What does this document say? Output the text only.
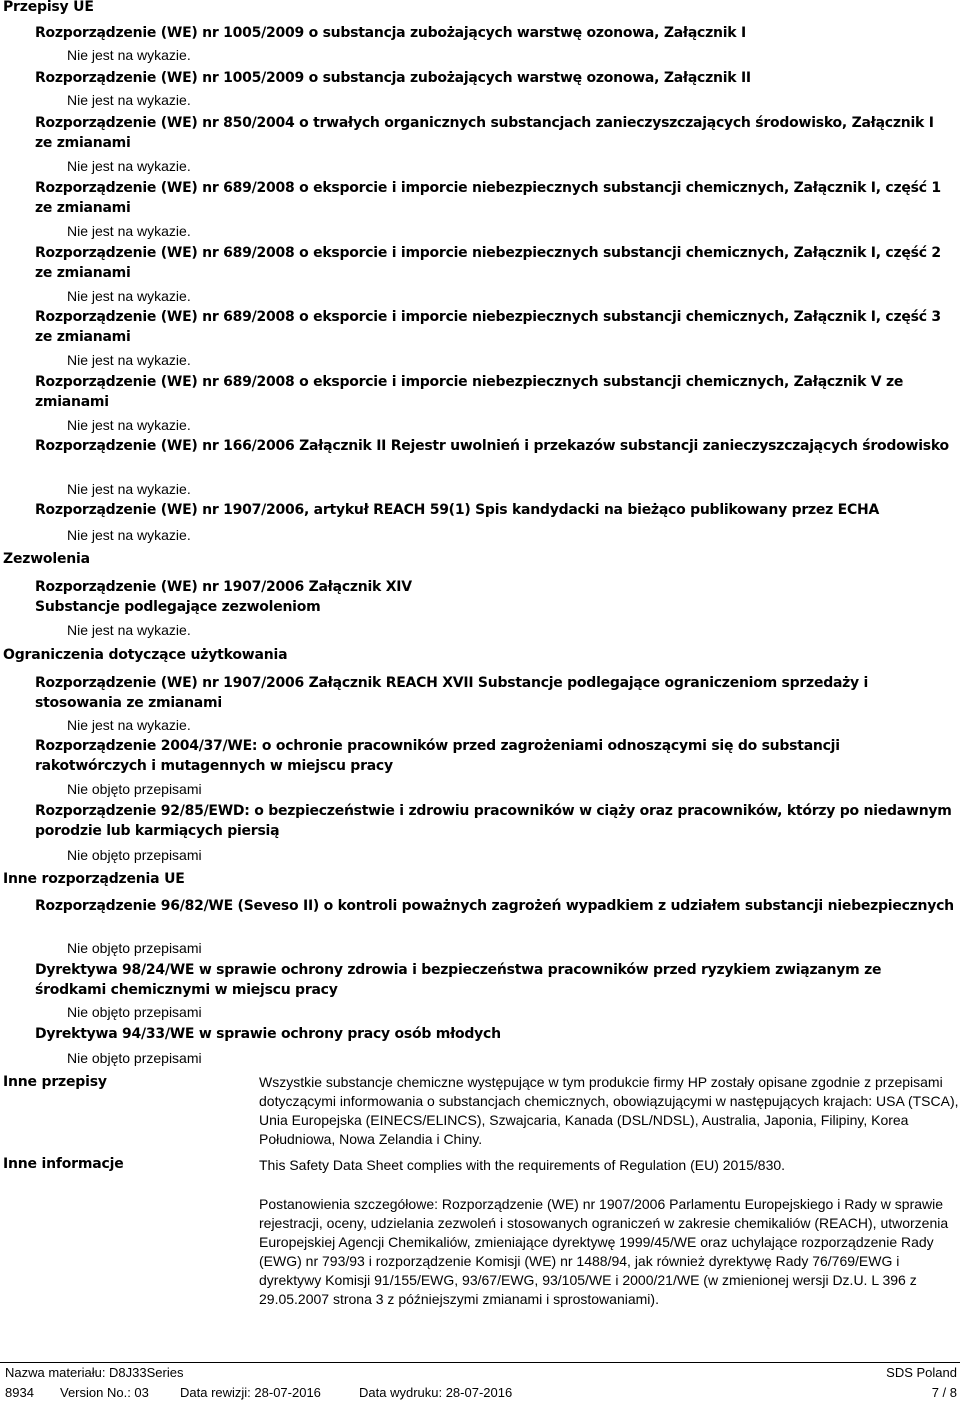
Przepisy UE
Rozporządzenie (WE) nr 1005/2009 o substancja zubożających warstwę ozonowa, Załącznik I
Nie jest na wykazie.
Rozporządzenie (WE) nr 1005/2009 o substancja zubożających warstwę ozonowa, Załącznik II
Nie jest na wykazie.
Rozporządzenie (WE) nr 850/2004 o trwałych organicznych substancjach zanieczyszczających środowisko, Załącznik I ze zmianami
Nie jest na wykazie.
Rozporządzenie (WE) nr 689/2008 o eksporcie i imporcie niebezpiecznych substancji chemicznych, Załącznik I, część 1 ze zmianami
Nie jest na wykazie.
Rozporządzenie (WE) nr 689/2008 o eksporcie i imporcie niebezpiecznych substancji chemicznych, Załącznik I, część 2 ze zmianami
Nie jest na wykazie.
Rozporządzenie (WE) nr 689/2008 o eksporcie i imporcie niebezpiecznych substancji chemicznych, Załącznik I, część 3 ze zmianami
Nie jest na wykazie.
Rozporządzenie (WE) nr 689/2008 o eksporcie i imporcie niebezpiecznych substancji chemicznych, Załącznik V ze zmianami
Nie jest na wykazie.
Rozporządzenie (WE) nr 166/2006 Załącznik II Rejestr uwolnień i przekazów substancji zanieczyszczających środowisko
Nie jest na wykazie.
Rozporządzenie (WE) nr 1907/2006, artykuł REACH 59(1) Spis kandydacki na bieżąco publikowany przez ECHA
Nie jest na wykazie.
Zezwolenia
Rozporządzenie (WE) nr 1907/2006 Załącznik XIV
Substancje podlegające zezwoleniom
Nie jest na wykazie.
Ograniczenia dotyczące użytkowania
Rozporządzenie (WE) nr 1907/2006 Załącznik REACH XVII Substancje podlegające ograniczeniom sprzedaży i stosowania ze zmianami
Nie jest na wykazie.
Rozporządzenie 2004/37/WE: o ochronie pracowników przed zagrożeniami odnoszącymi się do substancji rakotwórczych i mutagennych w miejscu pracy
Nie objęto przepisami
Rozporządzenie 92/85/EWD: o bezpieczeństwie i zdrowiu pracowników w ciąży oraz pracowników, którzy po niedawnym porodzie lub karmiących piersią
Nie objęto przepisami
Inne rozporządzenia UE
Rozporządzenie 96/82/WE (Seveso II) o kontroli poważnych zagrożeń wypadkiem z udziałem substancji niebezpiecznych
Nie objęto przepisami
Dyrektywa 98/24/WE w sprawie ochrony zdrowia i bezpieczeństwa pracowników przed ryzykiem związanym ze środkami chemicznymi w miejscu pracy
Nie objęto przepisami
Dyrektywa 94/33/WE w sprawie ochrony pracy osób młodych
Nie objęto przepisami
Inne przepisy	Wszystkie substancje chemiczne występujące w tym produkcie firmy HP zostały opisane zgodnie z przepisami dotyczącymi informowania o substancjach chemicznych, obowiązującymi w następujących krajach: USA (TSCA), Unia Europejska (EINECS/ELINCS), Szwajcaria, Kanada (DSL/NDSL), Australia, Japonia, Filipiny, Korea Południowa, Nowa Zelandia i Chiny.
Inne informacje	This Safety Data Sheet complies with the requirements of Regulation (EU) 2015/830.
Postanowienia szczegółowe: Rozporządzenie (WE) nr 1907/2006 Parlamentu Europejskiego i Rady w sprawie rejestracji, oceny, udzielania zezwoleń i stosowanych ograniczeń w zakresie chemikaliów (REACH), utworzenia Europejskiej Agencji Chemikaliów, zmieniające dyrektywę 1999/45/WE oraz uchylające rozporządzenie Rady (EWG) nr 793/93 i rozporządzenie Komisji (WE) nr 1488/94, jak również dyrektywę Rady 76/769/EWG i dyrektywy Komisji 91/155/EWG, 93/67/EWG, 93/105/WE i 2000/21/WE (w zmienionej wersji Dz.U. L 396 z 29.05.2007 strona 3 z późniejszymi zmianami i sprostowaniami).
Nazwa materiału: D8J33Series	SDS Poland
8934 Version No.: 03 Data rewizji: 28-07-2016	Data wydruku: 28-07-2016	7 / 8
